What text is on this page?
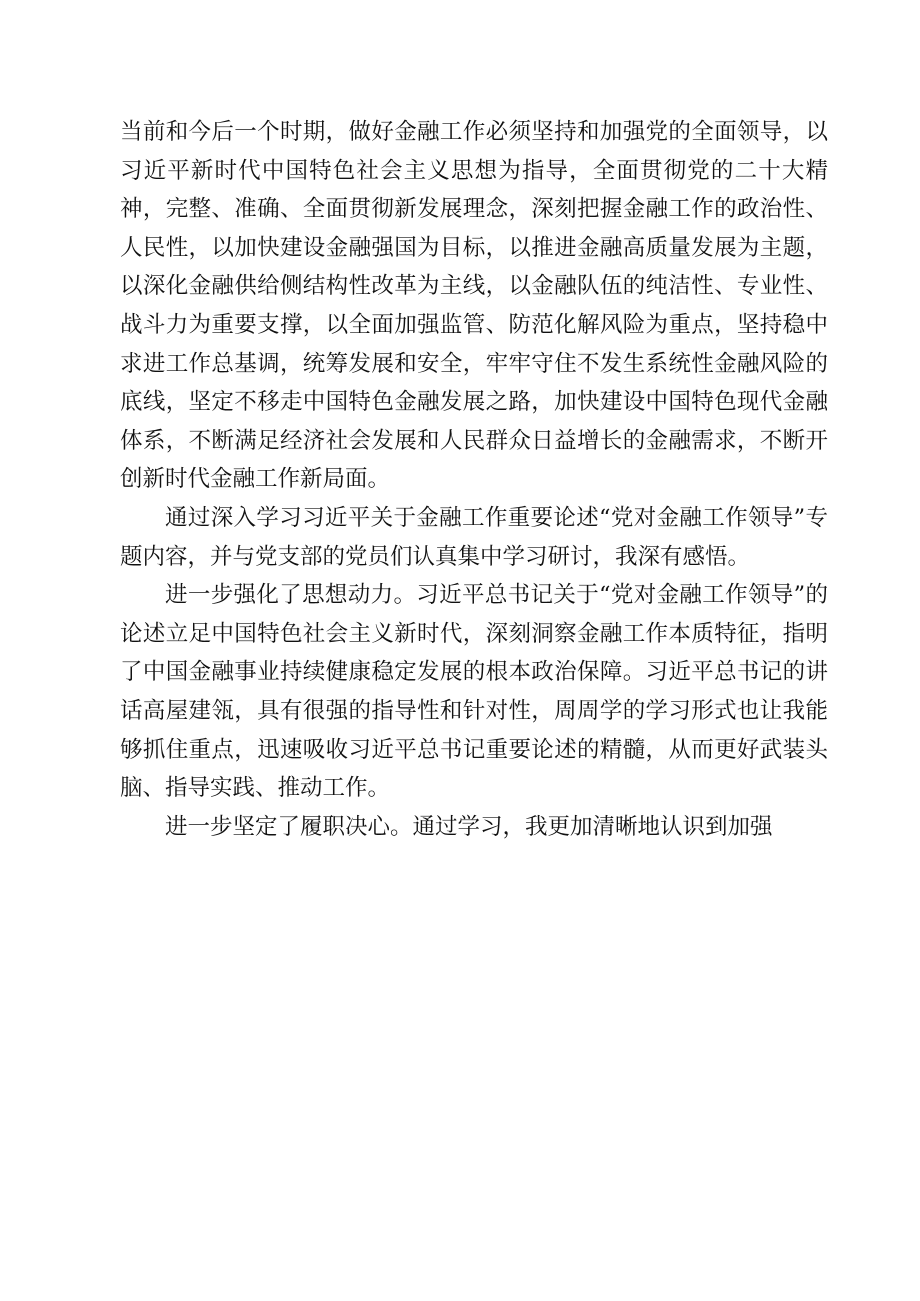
当前和今后一个时期，做好金融工作必须坚持和加强党的全面领导，以习近平新时代中国特色社会主义思想为指导，全面贯彻党的二十大精神，完整、准确、全面贯彻新发展理念，深刻把握金融工作的政治性、人民性，以加快建设金融强国为目标，以推进金融高质量发展为主题，以深化金融供给侧结构性改革为主线，以金融队伍的纯洁性、专业性、战斗力为重要支撑，以全面加强监管、防范化解风险为重点，坚持稳中求进工作总基调，统筹发展和安全，牢牢守住不发生系统性金融风险的底线，坚定不移走中国特色金融发展之路，加快建设中国特色现代金融体系，不断满足经济社会发展和人民群众日益增长的金融需求，不断开创新时代金融工作新局面。

通过深入学习习近平关于金融工作重要论述“党对金融工作领导”专题内容，并与党支部的党员们认真集中学习研讨，我深有感悟。

进一步强化了思想动力。习近平总书记关于“党对金融工作领导”的论述立足中国特色社会主义新时代，深刻洞察金融工作本质特征，指明了中国金融事业持续健康稳定发展的根本政治保障。习近平总书记的讲话高屋建瓴，具有很强的指导性和针对性，周周学的学习形式也让我能够抓住重点，迅速吸收习近平总书记重要论述的精髓，从而更好武装头脑、指导实践、推动工作。

进一步坚定了履职决心。通过学习，我更加清晰地认识到加强
